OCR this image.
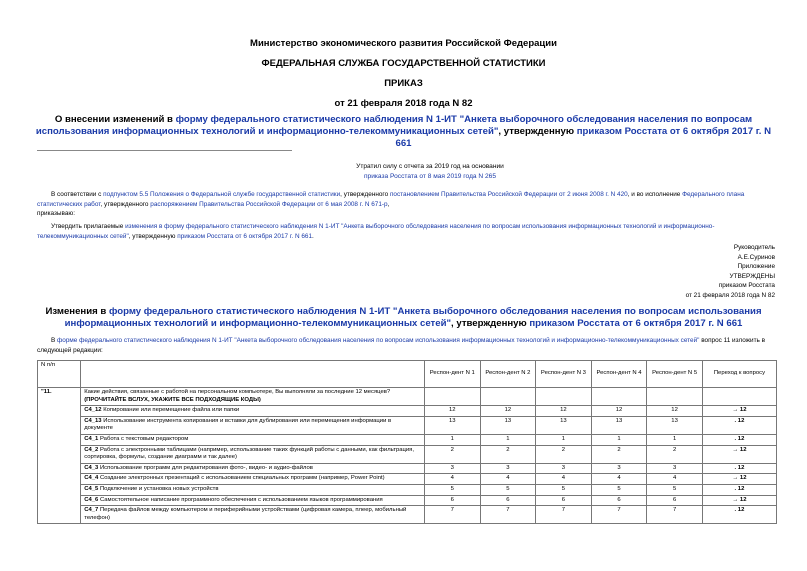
Министерство экономического развития Российской Федерации
ФЕДЕРАЛЬНАЯ СЛУЖБА ГОСУДАРСТВЕННОЙ СТАТИСТИКИ
ПРИКАЗ
от 21 февраля 2018 года N 82
О внесении изменений в форму федерального статистического наблюдения N 1-ИТ "Анкета выборочного обследования населения по вопросам использования информационных технологий и информационно-телекоммуникационных сетей", утвержденную приказом Росстата от 6 октября 2017 г. N 661
Утратил силу с отчета за 2019 год на основании
приказа Росстата от 8 мая 2019 года N 265
В соответствии с подпунктом 5.5 Положения о Федеральной службе государственной статистики, утвержденного постановлением Правительства Российской Федерации от 2 июня 2008 г. N 420, и во исполнение Федерального плана статистических работ, утвержденного распоряжением Правительства Российской Федерации от 6 мая 2008 г. N 671-р,
приказываю:
Утвердить прилагаемые изменения в форму федерального статистического наблюдения N 1-ИТ "Анкета выборочного обследования населения по вопросам использования информационных технологий и информационно-телекоммуникационных сетей", утвержденную приказом Росстата от 6 октября 2017 г. N 661.
Руководитель
А.Е.Суринов
Приложение
УТВЕРЖДЕНЫ
приказом Росстата
от 21 февраля 2018 года N 82
Изменения в форму федерального статистического наблюдения N 1-ИТ "Анкета выборочного обследования населения по вопросам использования информационных технологий и информационно-телекоммуникационных сетей", утвержденную приказом Росстата от 6 октября 2017 г. N 661
В форме федерального статистического наблюдения N 1-ИТ "Анкета выборочного обследования населения по вопросам использования информационных технологий и информационно-телекоммуникационных сетей" вопрос 11 изложить в следующей редакции:
N п/п		Респон-дент N 1	Респон-дент N 2	Респон-дент N 3	Респон-дент N 4	Респон-дент N 5	Переход к вопросу
"11.	Какие действия, связанные с работой на персональном компьютере, Вы выполняли за последние 12 месяцев? (ПРОЧИТАЙТЕ ВСЛУХ, УКАЖИТЕ ВСЕ ПОДХОДЯЩИЕ КОДЫ)						
	С4_12 Копирование или перемещение файла или папки	12	12	12	12	12	→ 12
	С4_13 Использование инструмента копирования и вставки для дублирования или перемещения информации в документе	13	13	13	13	13	. 12
	С4_1 Работа с текстовым редактором	1	1	1	1	1	. 12
	С4_2 Работа с электронными таблицами (например, использование таких функций работы с данными, как фильтрация, сортировка, формулы, создание диаграмм и так далее)	2	2	2	2	2	→ 12
	С4_3 Использование программ для редактирования фото-, видео- и аудио-файлов	3	3	3	3	3	. 12
	С4_4 Создание электронных презентаций с использованием специальных программ (например, Power Point)	4	4	4	4	4	→ 12
	С4_5 Подключение и установка новых устройств	5	5	5	5	5	. 12
	С4_6 Самостоятельное написание программного обеспечения с использованием языков программирования	6	6	6	6	6	→ 12
	С4_7 Передача файлов между компьютером и периферийными устройствами (цифровая камера, плеер, мобильный телефон)	7	7	7	7	7	. 12
